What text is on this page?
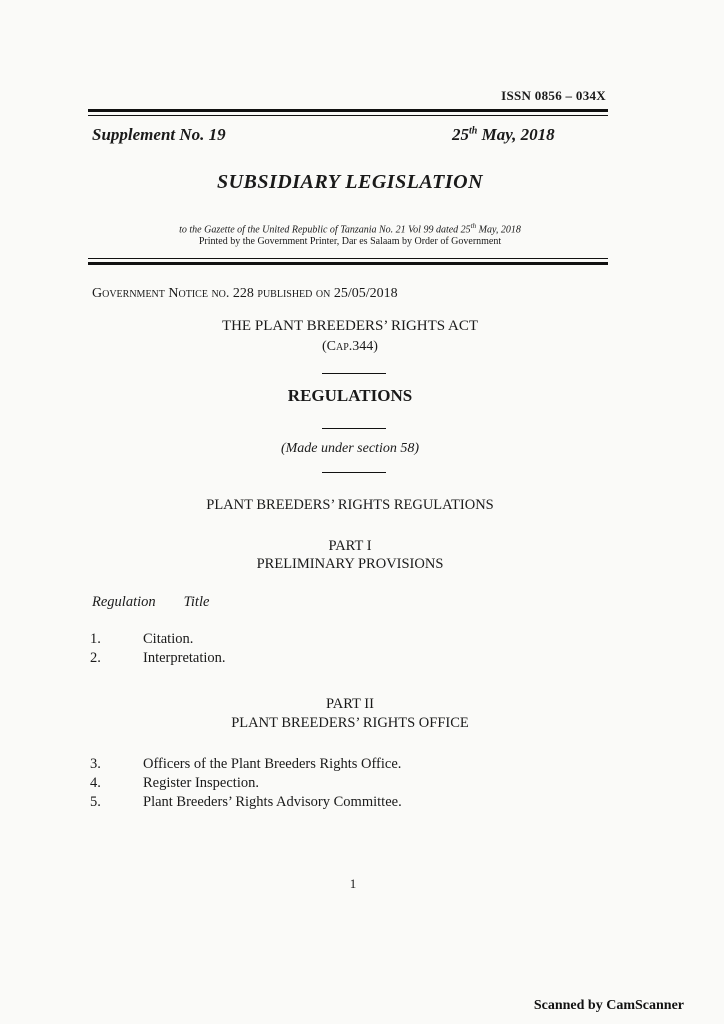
ISSN 0856 – 034X
Supplement No. 19	25th May, 2018
SUBSIDIARY LEGISLATION
to the Gazette of the United Republic of Tanzania No. 21 Vol 99 dated 25th May, 2018
Printed by the Government Printer, Dar es Salaam by Order of Government
Government Notice no. 228 published on 25/05/2018
THE PLANT BREEDERS’ RIGHTS ACT
(Cap.344)
REGULATIONS
(Made under section 58)
PLANT BREEDERS’ RIGHTS REGULATIONS
PART I
PRELIMINARY PROVISIONS
Regulation Title
1.	Citation.
2.	Interpretation.
PART II
PLANT BREEDERS’ RIGHTS OFFICE
3.	Officers of the Plant Breeders Rights Office.
4.	Register Inspection.
5.	Plant Breeders’ Rights Advisory Committee.
1
Scanned by CamScanner
